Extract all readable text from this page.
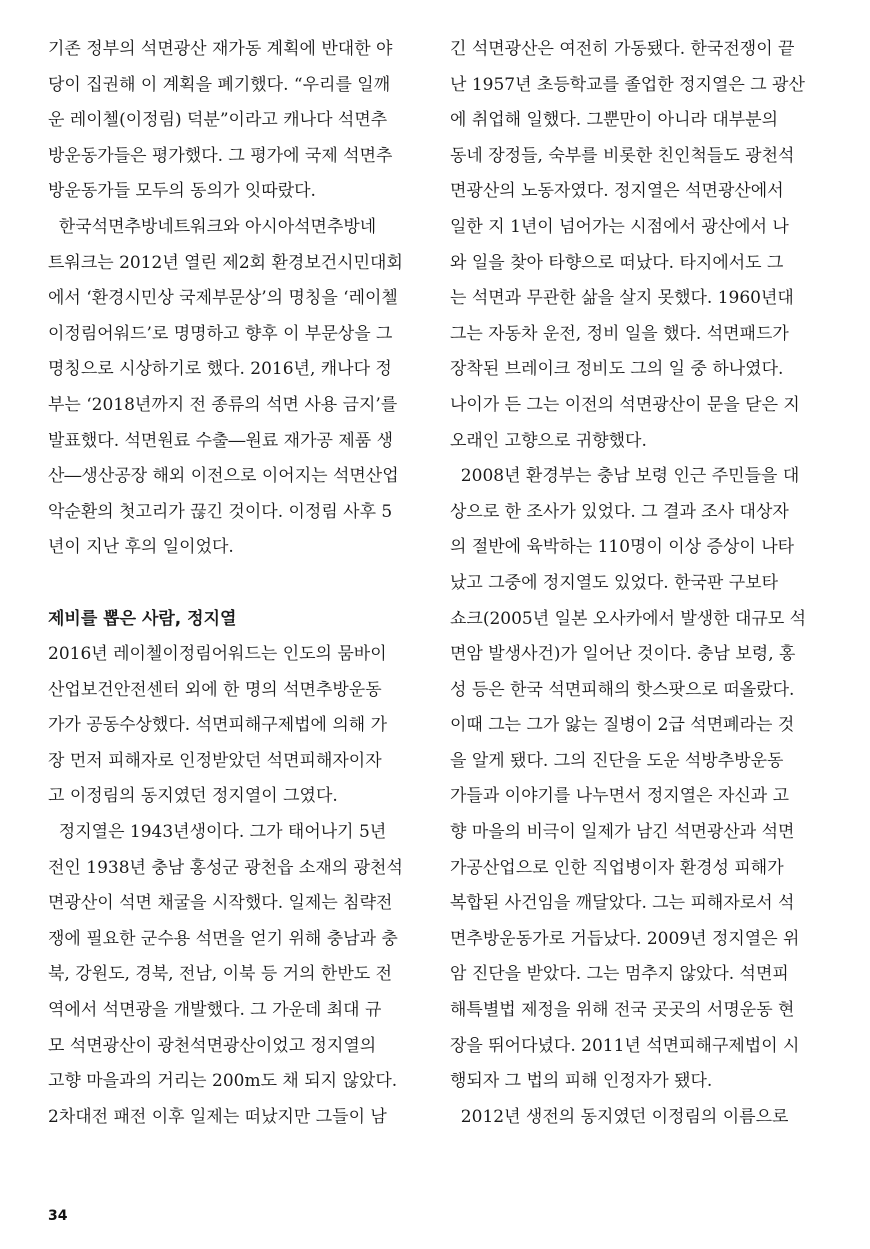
기존 정부의 석면광산 재가동 계획에 반대한 야
당이 집권해 이 계획을 폐기했다. “우리를 일깨
운 레이첼(이정림) 덕분”이라고 캐나다 석면추
방운동가들은 평가했다. 그 평가에 국제 석면추
방운동가들 모두의 동의가 잇따랐다.
한국석면추방네트워크와 아시아석면추방네
트워크는 2012년 열린 제2회 환경보건시민대회
에서 ‘환경시민상 국제부문상’의 명칭을 ‘레이첼
이정림어워드’로 명명하고 향후 이 부문상을 그
명칭으로 시상하기로 했다. 2016년, 캐나다 정
부는 ‘2018년까지 전 종류의 석면 사용 금지’를
발표했다. 석면원료 수출―원료 재가공 제품 생
산―생산공장 해외 이전으로 이어지는 석면산업
악순환의 첫고리가 끊긴 것이다. 이정림 사후 5
년이 지난 후의 일이었다.
제비를 뽑은 사람, 정지열
2016년 레이첼이정림어워드는 인도의 뭄바이
산업보건안전센터 외에 한 명의 석면추방운동
가가 공동수상했다. 석면피해구제법에 의해 가
장 먼저 피해자로 인정받았던 석면피해자이자
고 이정림의 동지였던 정지열이 그였다.
정지열은 1943년생이다. 그가 태어나기 5년
전인 1938년 충남 홍성군 광천읍 소재의 광천석
면광산이 석면 채굴을 시작했다. 일제는 침략전
쟁에 필요한 군수용 석면을 얻기 위해 충남과 충
북, 강원도, 경북, 전남, 이북 등 거의 한반도 전
역에서 석면광을 개발했다. 그 가운데 최대 규
모 석면광산이 광천석면광산이었고 정지열의
고향 마을과의 거리는 200m도 채 되지 않았다.
2차대전 패전 이후 일제는 떠났지만 그들이 남
긴 석면광산은 여전히 가동됐다. 한국전쟁이 끝
난 1957년 초등학교를 졸업한 정지열은 그 광산
에 취업해 일했다. 그뿐만이 아니라 대부분의
동네 장정들, 숙부를 비롯한 친인척들도 광천석
면광산의 노동자였다. 정지열은 석면광산에서
일한 지 1년이 넘어가는 시점에서 광산에서 나
와 일을 찾아 타향으로 떠났다. 타지에서도 그
는 석면과 무관한 삶을 살지 못했다. 1960년대
그는 자동차 운전, 정비 일을 했다. 석면패드가
장착된 브레이크 정비도 그의 일 중 하나였다.
나이가 든 그는 이전의 석면광산이 문을 닫은 지
오래인 고향으로 귀향했다.
2008년 환경부는 충남 보령 인근 주민들을 대
상으로 한 조사가 있었다. 그 결과 조사 대상자
의 절반에 육박하는 110명이 이상 증상이 나타
났고 그중에 정지열도 있었다. 한국판 구보타
쇼크(2005년 일본 오사카에서 발생한 대규모 석
면암 발생사건)가 일어난 것이다. 충남 보령, 홍
성 등은 한국 석면피해의 핫스팟으로 떠올랐다.
이때 그는 그가 앓는 질병이 2급 석면폐라는 것
을 알게 됐다. 그의 진단을 도운 석방추방운동
가들과 이야기를 나누면서 정지열은 자신과 고
향 마을의 비극이 일제가 남긴 석면광산과 석면
가공산업으로 인한 직업병이자 환경성 피해가
복합된 사건임을 깨달았다. 그는 피해자로서 석
면추방운동가로 거듭났다. 2009년 정지열은 위
암 진단을 받았다. 그는 멈추지 않았다. 석면피
해특별법 제정을 위해 전국 곳곳의 서명운동 현
장을 뛰어다녔다. 2011년 석면피해구제법이 시
행되자 그 법의 피해 인정자가 됐다.
2012년 생전의 동지였던 이정림의 이름으로
34
